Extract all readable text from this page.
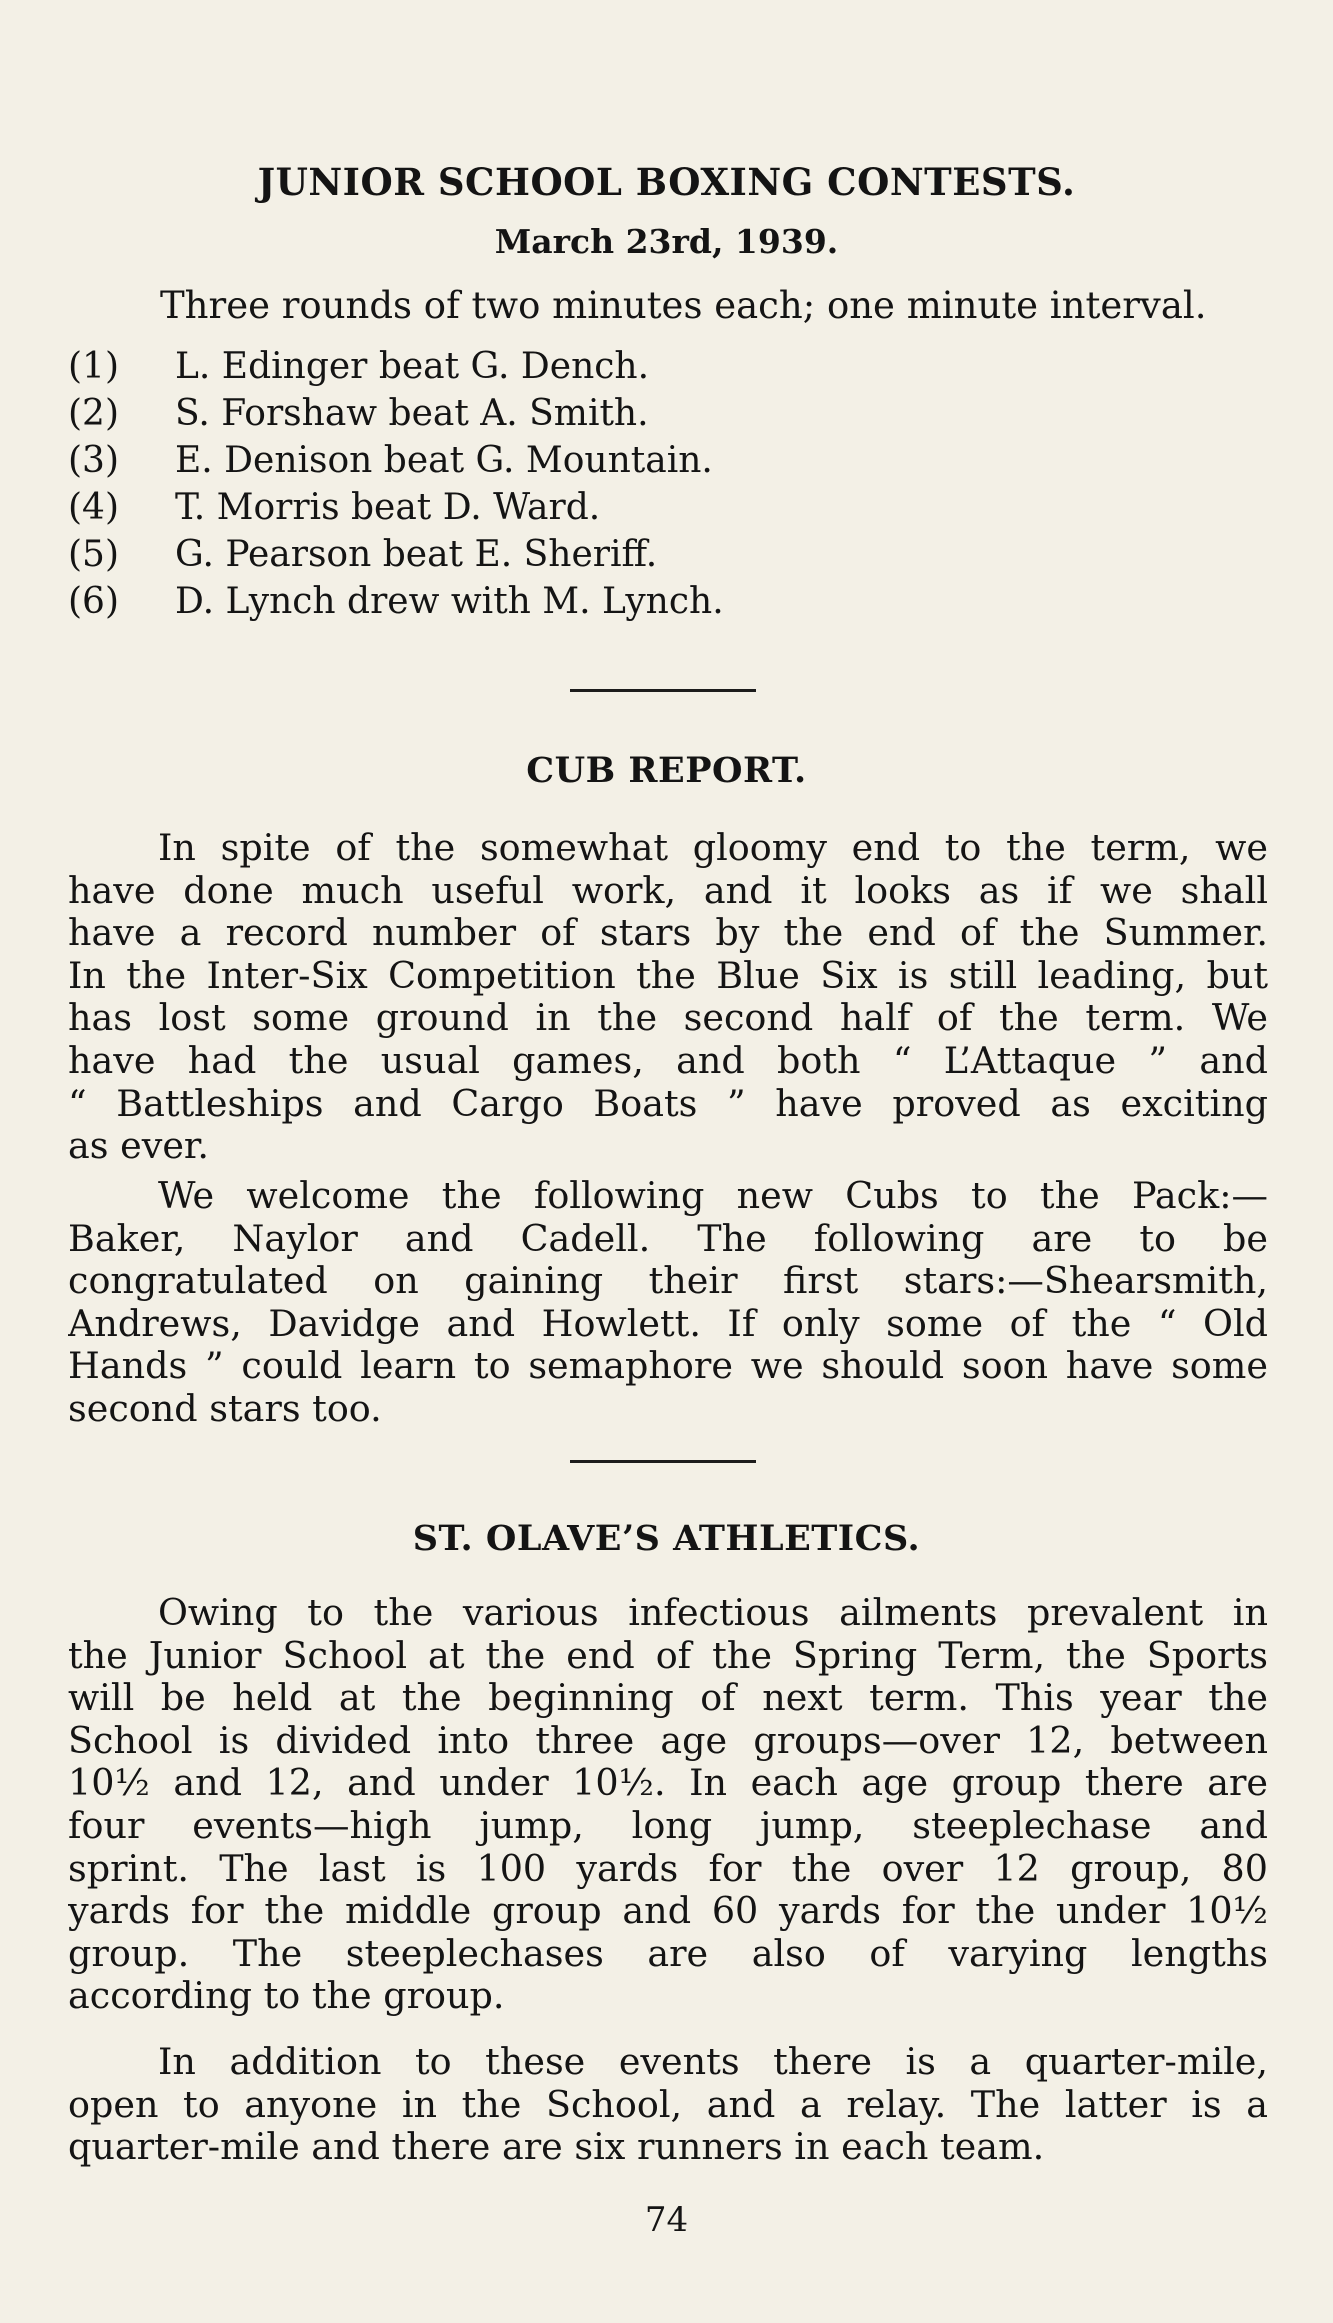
JUNIOR SCHOOL BOXING CONTESTS.
March 23rd, 1939.
Three rounds of two minutes each; one minute interval.
(1) L. Edinger beat G. Dench.
(2) S. Forshaw beat A. Smith.
(3) E. Denison beat G. Mountain.
(4) T. Morris beat D. Ward.
(5) G. Pearson beat E. Sheriff.
(6) D. Lynch drew with M. Lynch.
CUB REPORT.
In spite of the somewhat gloomy end to the term, we
have done much useful work, and it looks as if we shall
have a record number of stars by the end of the Summer.
In the Inter-Six Competition the Blue Six is still leading, but
has lost some ground in the second half of the term. We
have had the usual games, and both “ L’Attaque ” and
“ Battleships and Cargo Boats ” have proved as exciting
as ever.
We welcome the following new Cubs to the Pack:—
Baker, Naylor and Cadell. The following are to be
congratulated on gaining their first stars:—Shearsmith,
Andrews, Davidge and Howlett. If only some of the “ Old
Hands ” could learn to semaphore we should soon have some
second stars too.
ST. OLAVE’S ATHLETICS.
Owing to the various infectious ailments prevalent in
the Junior School at the end of the Spring Term, the Sports
will be held at the beginning of next term. This year the
School is divided into three age groups—over 12, between
10½ and 12, and under 10½. In each age group there are
four events—high jump, long jump, steeplechase and
sprint. The last is 100 yards for the over 12 group, 80
yards for the middle group and 60 yards for the under 10½
group. The steeplechases are also of varying lengths
according to the group.
In addition to these events there is a quarter-mile,
open to anyone in the School, and a relay. The latter is a
quarter-mile and there are six runners in each team.
74
